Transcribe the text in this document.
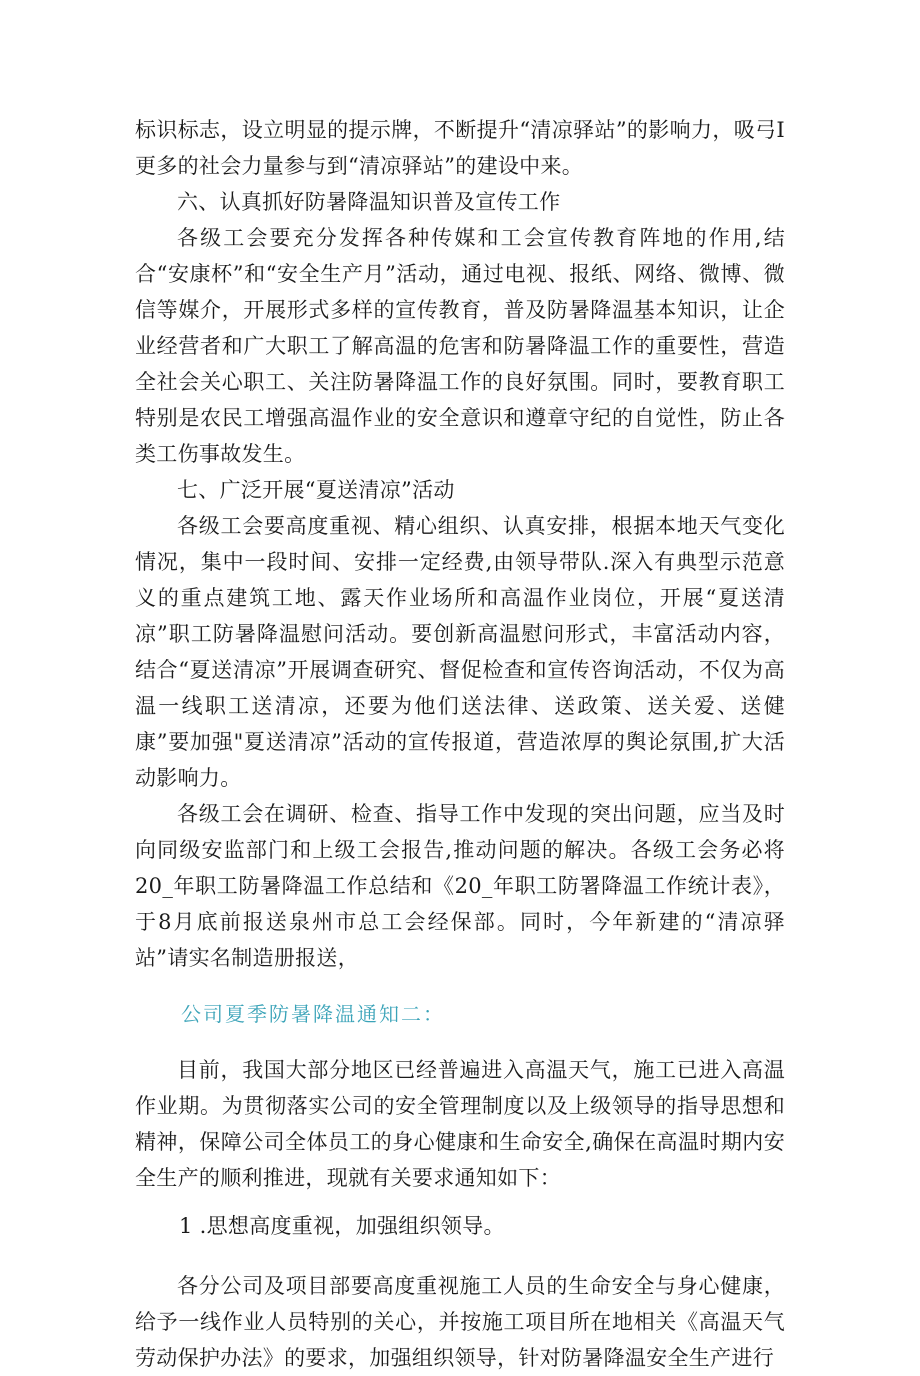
标识标志，设立明显的提示牌，不断提升“清凉驿站”的影响力，吸弓I更多的社会力量参与到“清凉驿站”的建设中来。

六、认真抓好防暑降温知识普及宣传工作

各级工会要充分发挥各种传媒和工会宣传教育阵地的作用,结合“安康杯”和“安全生产月”活动，通过电视、报纸、网络、微博、微信等媒介，开展形式多样的宣传教育，普及防暑降温基本知识，让企业经营者和广大职工了解高温的危害和防暑降温工作的重要性，营造全社会关心职工、关注防暑降温工作的良好氛围。同时，要教育职工特别是农民工增强高温作业的安全意识和遵章守纪的自觉性，防止各类工伤事故发生。

七、广泛开展“夏送清凉”活动

各级工会要高度重视、精心组织、认真安排，根据本地天气变化情况，集中一段时间、安排一定经费,由领导带队.深入有典型示范意义的重点建筑工地、露天作业场所和高温作业岗位，开展“夏送清凉”职工防暑降温慰问活动。要创新高温慰问形式，丰富活动内容，结合“夏送清凉”开展调查研究、督促检查和宣传咨询活动，不仅为高温一线职工送清凉，还要为他们送法律、送政策、送关爱、送健康”要加强"夏送清凉”活动的宣传报道，营造浓厚的舆论氛围,扩大活动影响力。

各级工会在调研、检查、指导工作中发现的突出问题，应当及时向同级安监部门和上级工会报告,推动问题的解决。各级工会务必将20_年职工防暑降温工作总结和《20_年职工防署降温工作统计表》，于8月底前报送泉州市总工会经保部。同时，今年新建的“清凉驿站”请实名制造册报送，

公司夏季防暑降温通知二：

目前，我国大部分地区已经普遍进入高温天气，施工已进入高温作业期。为贯彻落实公司的安全管理制度以及上级领导的指导思想和精神，保障公司全体员工的身心健康和生命安全,确保在高温时期内安全生产的顺利推进，现就有关要求通知如下：

1 .思想高度重视，加强组织领导。

各分公司及项目部要高度重视施工人员的生命安全与身心健康，给予一线作业人员特别的关心，并按施工项目所在地相关《高温天气劳动保护办法》的要求，加强组织领导，针对防暑降温安全生产进行
